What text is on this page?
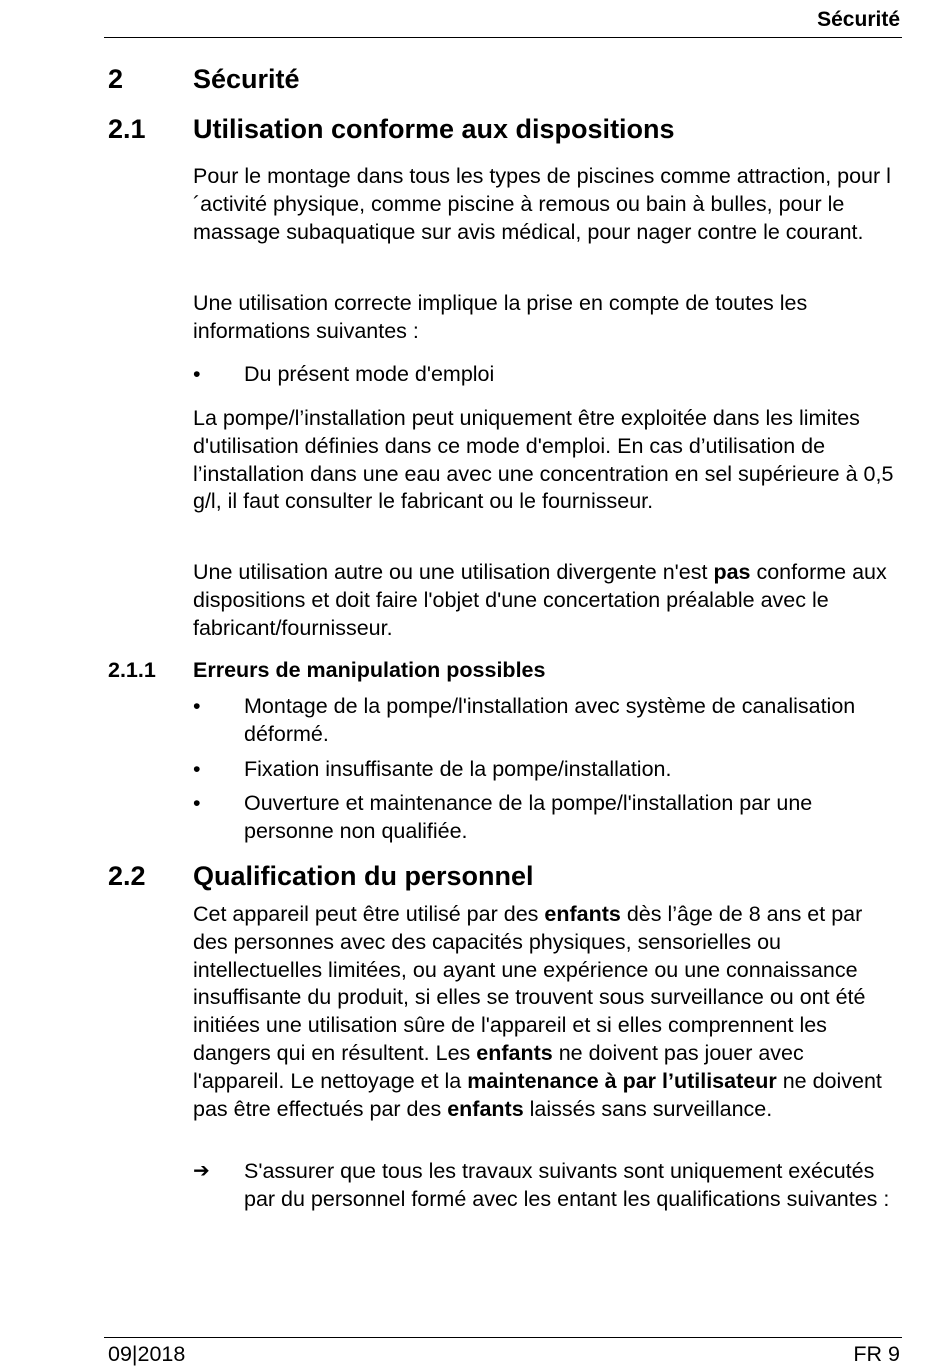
Sécurité
2	Sécurité
2.1 Utilisation conforme aux dispositions
Pour le montage dans tous les types de piscines comme attraction, pour l´activité physique, comme piscine à remous ou bain à bulles, pour le massage subaquatique sur avis médical, pour nager contre le courant.
Une utilisation correcte implique la prise en compte de toutes les informations suivantes :
• Du présent mode d'emploi
La pompe/l’installation peut uniquement être exploitée dans les limites d'utilisation définies dans ce mode d'emploi. En cas d’utilisation de l’installation dans une eau avec une concentration en sel supérieure à 0,5 g/l, il faut consulter le fabricant ou le fournisseur.
Une utilisation autre ou une utilisation divergente n'est pas conforme aux dispositions et doit faire l'objet d'une concertation préalable avec le fabricant/fournisseur.
2.1.1 Erreurs de manipulation possibles
• Montage de la pompe/l'installation avec système de canalisation déformé.
• Fixation insuffisante de la pompe/installation.
• Ouverture et maintenance de la pompe/l'installation par une personne non qualifiée.
2.2 Qualification du personnel
Cet appareil peut être utilisé par des enfants dès l’âge de 8 ans et par des personnes avec des capacités physiques, sensorielles ou intellectuelles limitées, ou ayant une expérience ou une connaissance insuffisante du produit, si elles se trouvent sous surveillance ou ont été initiées une utilisation sûre de l'appareil et si elles comprennent les dangers qui en résultent. Les enfants ne doivent pas jouer avec l'appareil. Le nettoyage et la maintenance à par l’utilisateur ne doivent pas être effectués par des enfants laissés sans surveillance.
➔ S'assurer que tous les travaux suivants sont uniquement exécutés par du personnel formé avec les entant les qualifications suivantes :
09|2018	FR 9
